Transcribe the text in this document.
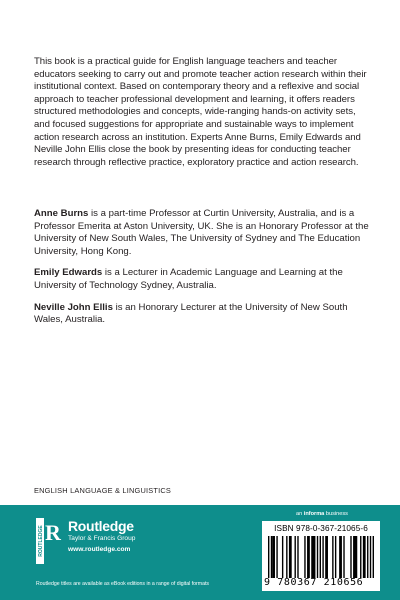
This book is a practical guide for English language teachers and teacher educators seeking to carry out and promote teacher action research within their institutional context. Based on contemporary theory and a reflexive and social approach to teacher professional development and learning, it offers readers structured methodologies and concepts, wide-ranging hands-on activity sets, and focused suggestions for appropriate and sustainable ways to implement action research across an institution. Experts Anne Burns, Emily Edwards and Neville John Ellis close the book by presenting ideas for conducting teacher research through reflective practice, exploratory practice and action research.

Anne Burns is a part-time Professor at Curtin University, Australia, and is a Professor Emerita at Aston University, UK. She is an Honorary Professor at the University of New South Wales, The University of Sydney and The Education University, Hong Kong.

Emily Edwards is a Lecturer in Academic Language and Learning at the University of Technology Sydney, Australia.

Neville John Ellis is an Honorary Lecturer at the University of New South Wales, Australia.

ENGLISH LANGUAGE & LINGUISTICS
ROUTLEDGE R Routledge
Taylor & Francis Group
www.routledge.com
Routledge titles are available as eBook editions in a range of digital formats
an informa business
ISBN 978-0-367-21065-6
9 780367 210656
